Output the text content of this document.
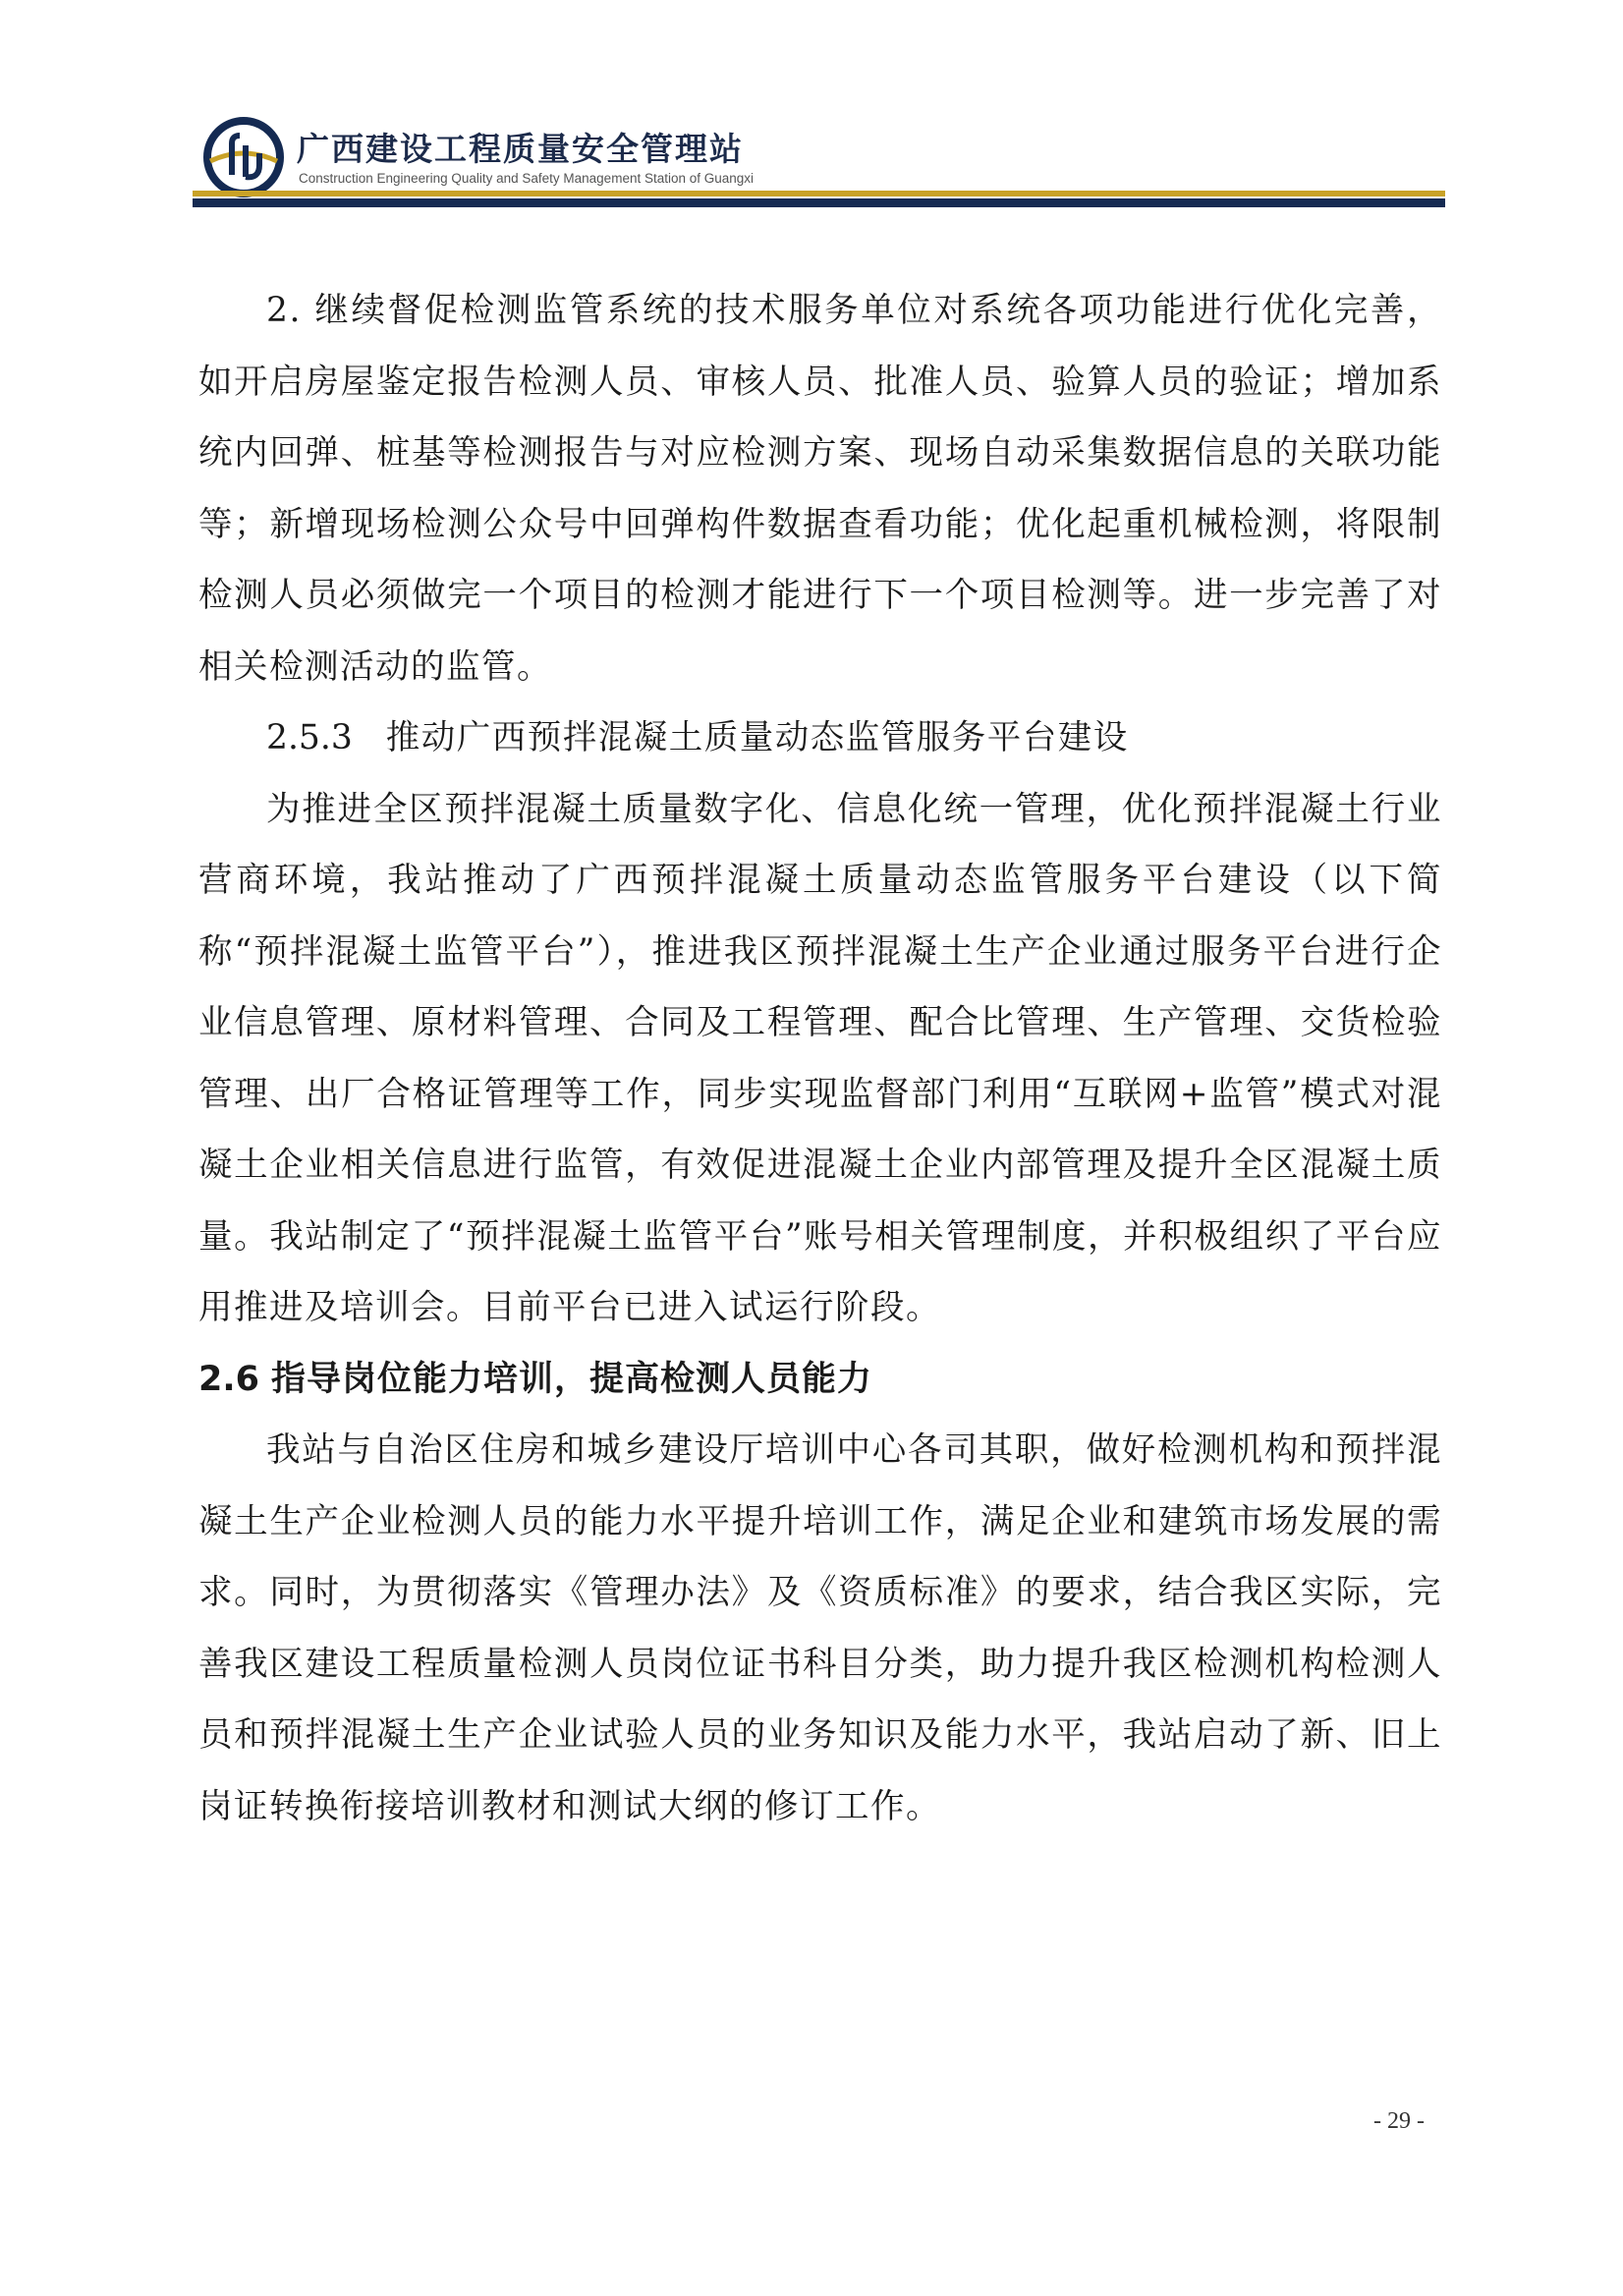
广西建设工程质量安全管理站
Construction Engineering Quality and Safety Management Station of Guangxi

2. 继续督促检测监管系统的技术服务单位对系统各项功能进行优化完善，如开启房屋鉴定报告检测人员、审核人员、批准人员、验算人员的验证；增加系统内回弹、桩基等检测报告与对应检测方案、现场自动采集数据信息的关联功能等；新增现场检测公众号中回弹构件数据查看功能；优化起重机械检测，将限制检测人员必须做完一个项目的检测才能进行下一个项目检测等。进一步完善了对相关检测活动的监管。

2.5.3 推动广西预拌混凝土质量动态监管服务平台建设

为推进全区预拌混凝土质量数字化、信息化统一管理，优化预拌混凝土行业营商环境，我站推动了广西预拌混凝土质量动态监管服务平台建设（以下简称“预拌混凝土监管平台”），推进我区预拌混凝土生产企业通过服务平台进行企业信息管理、原材料管理、合同及工程管理、配合比管理、生产管理、交货检验管理、出厂合格证管理等工作，同步实现监督部门利用“互联网+监管”模式对混凝土企业相关信息进行监管，有效促进混凝土企业内部管理及提升全区混凝土质量。我站制定了“预拌混凝土监管平台”账号相关管理制度，并积极组织了平台应用推进及培训会。目前平台已进入试运行阶段。

2.6 指导岗位能力培训，提高检测人员能力

我站与自治区住房和城乡建设厅培训中心各司其职，做好检测机构和预拌混凝土生产企业检测人员的能力水平提升培训工作，满足企业和建筑市场发展的需求。同时，为贯彻落实《管理办法》及《资质标准》的要求，结合我区实际，完善我区建设工程质量检测人员岗位证书科目分类，助力提升我区检测机构检测人员和预拌混凝土生产企业试验人员的业务知识及能力水平，我站启动了新、旧上岗证转换衔接培训教材和测试大纲的修订工作。

- 29 -
